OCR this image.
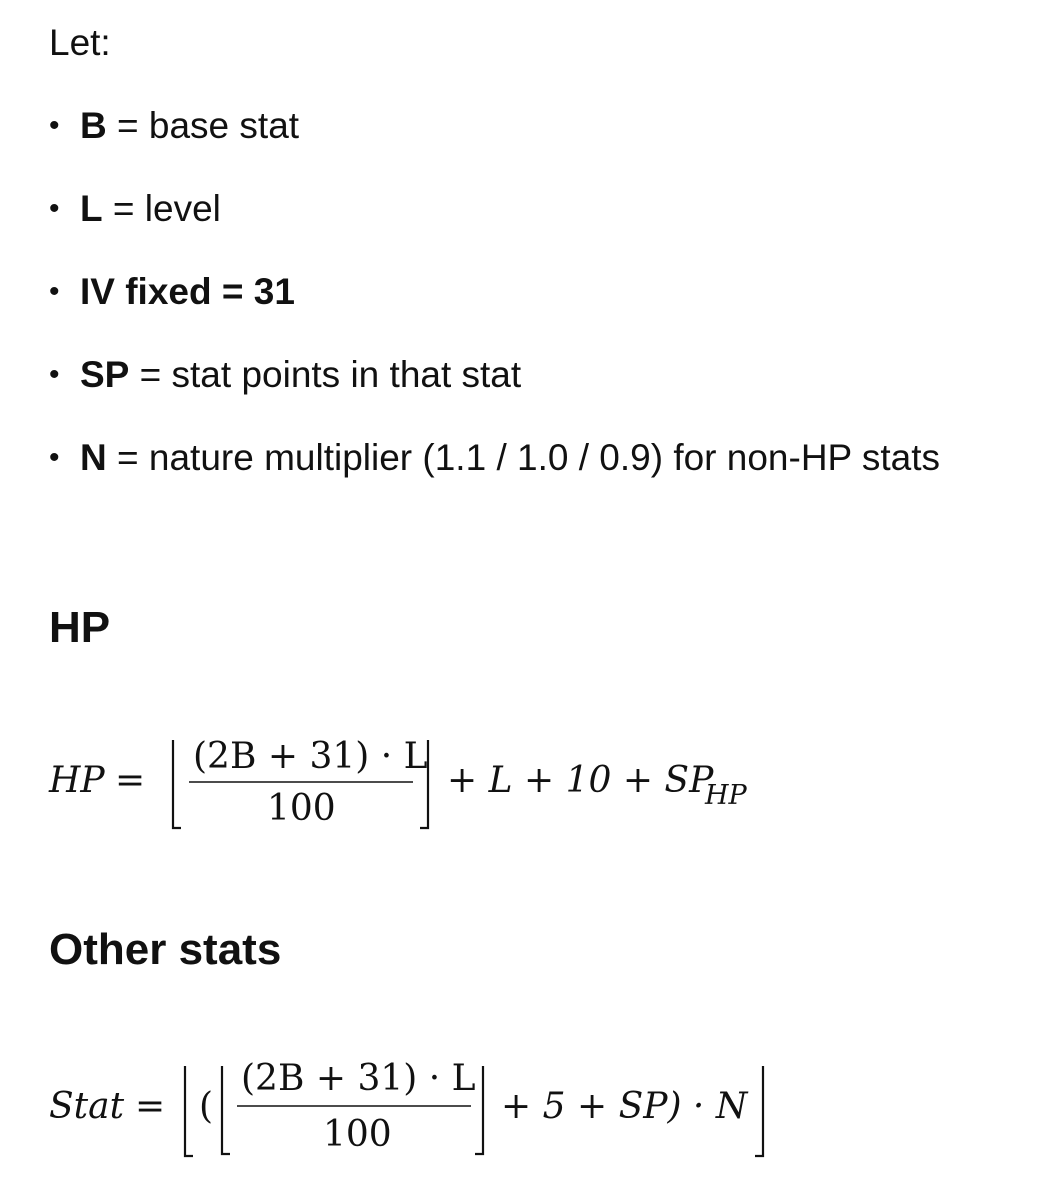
Let:

• B = base stat
• L = level
• IV fixed = 31
• SP = stat points in that stat
• N = nature multiplier (1.1 / 1.0 / 0.9) for non-HP stats
HP
HP =
(2B + 31) · L
100
+ L + 10 + SP
HP
Other stats
Stat = (
(2B + 31) · L
100
+ 5 + SP) · N
